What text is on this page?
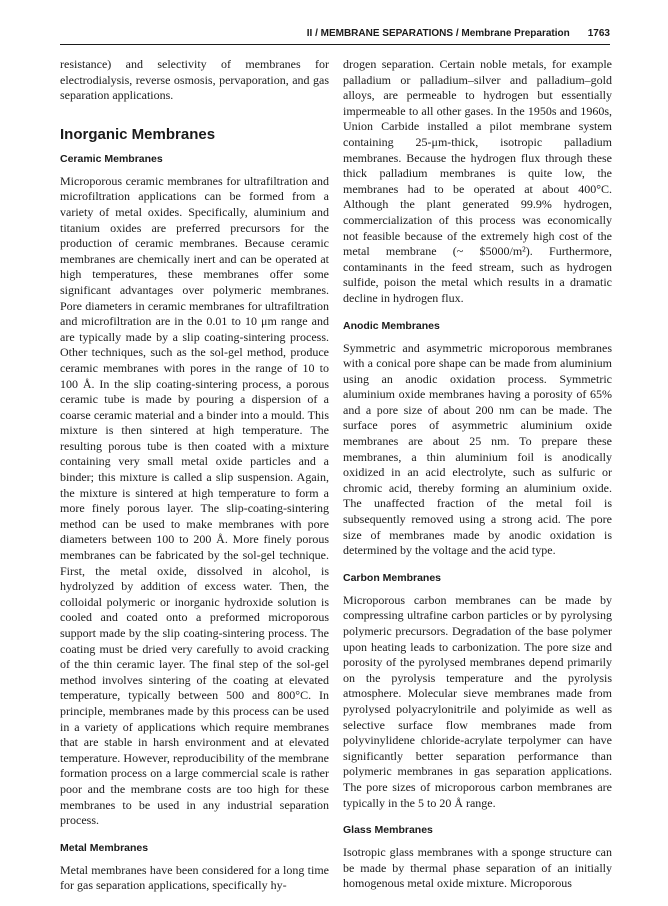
II / MEMBRANE SEPARATIONS / Membrane Preparation 1763

resistance) and selectivity of membranes for electrodialysis, reverse osmosis, pervaporation, and gas separation applications.

Inorganic Membranes
Ceramic Membranes

Microporous ceramic membranes for ultrafiltration and microfiltration applications can be formed from a variety of metal oxides. Specifically, aluminium and titanium oxides are preferred precursors for the production of ceramic membranes. Because ceramic membranes are chemically inert and can be operated at high temperatures, these membranes offer some significant advantages over polymeric membranes. Pore diameters in ceramic membranes for ultrafiltration and microfiltration are in the 0.01 to 10 μm range and are typically made by a slip coating-sintering process. Other techniques, such as the sol-gel method, produce ceramic membranes with pores in the range of 10 to 100 Å. In the slip coating-sintering process, a porous ceramic tube is made by pouring a dispersion of a coarse ceramic material and a binder into a mould. This mixture is then sintered at high temperature. The resulting porous tube is then coated with a mixture containing very small metal oxide particles and a binder; this mixture is called a slip suspension. Again, the mixture is sintered at high temperature to form a more finely porous layer. The slip-coating-sintering method can be used to make membranes with pore diameters between 100 to 200 Å. More finely porous membranes can be fabricated by the sol-gel technique. First, the metal oxide, dissolved in alcohol, is hydrolyzed by addition of excess water. Then, the colloidal polymeric or inorganic hydroxide solution is cooled and coated onto a preformed microporous support made by the slip coating-sintering process. The coating must be dried very carefully to avoid cracking of the thin ceramic layer. The final step of the sol-gel method involves sintering of the coating at elevated temperature, typically between 500 and 800°C. In principle, membranes made by this process can be used in a variety of applications which require membranes that are stable in harsh environment and at elevated temperature. However, reproducibility of the membrane formation process on a large commercial scale is rather poor and the membrane costs are too high for these membranes to be used in any industrial separation process.

Metal Membranes

Metal membranes have been considered for a long time for gas separation applications, specifically hy-

drogen separation. Certain noble metals, for example palladium or palladium–silver and palladium–gold alloys, are permeable to hydrogen but essentially impermeable to all other gases. In the 1950s and 1960s, Union Carbide installed a pilot membrane system containing 25-μm-thick, isotropic palladium membranes. Because the hydrogen flux through these thick palladium membranes is quite low, the membranes had to be operated at about 400°C. Although the plant generated 99.9% hydrogen, commercialization of this process was economically not feasible because of the extremely high cost of the metal membrane (~ $5000/m²). Furthermore, contaminants in the feed stream, such as hydrogen sulfide, poison the metal which results in a dramatic decline in hydrogen flux.

Anodic Membranes

Symmetric and asymmetric microporous membranes with a conical pore shape can be made from aluminium using an anodic oxidation process. Symmetric aluminium oxide membranes having a porosity of 65% and a pore size of about 200 nm can be made. The surface pores of asymmetric aluminium oxide membranes are about 25 nm. To prepare these membranes, a thin aluminium foil is anodically oxidized in an acid electrolyte, such as sulfuric or chromic acid, thereby forming an aluminium oxide. The unaffected fraction of the metal foil is subsequently removed using a strong acid. The pore size of membranes made by anodic oxidation is determined by the voltage and the acid type.

Carbon Membranes

Microporous carbon membranes can be made by compressing ultrafine carbon particles or by pyrolysing polymeric precursors. Degradation of the base polymer upon heating leads to carbonization. The pore size and porosity of the pyrolysed membranes depend primarily on the pyrolysis temperature and the pyrolysis atmosphere. Molecular sieve membranes made from pyrolysed polyacrylonitrile and polyimide as well as selective surface flow membranes made from polyvinylidene chloride-acrylate terpolymer can have significantly better separation performance than polymeric membranes in gas separation applications. The pore sizes of microporous carbon membranes are typically in the 5 to 20 Å range.

Glass Membranes

Isotropic glass membranes with a sponge structure can be made by thermal phase separation of an initially homogenous metal oxide mixture. Microporous
